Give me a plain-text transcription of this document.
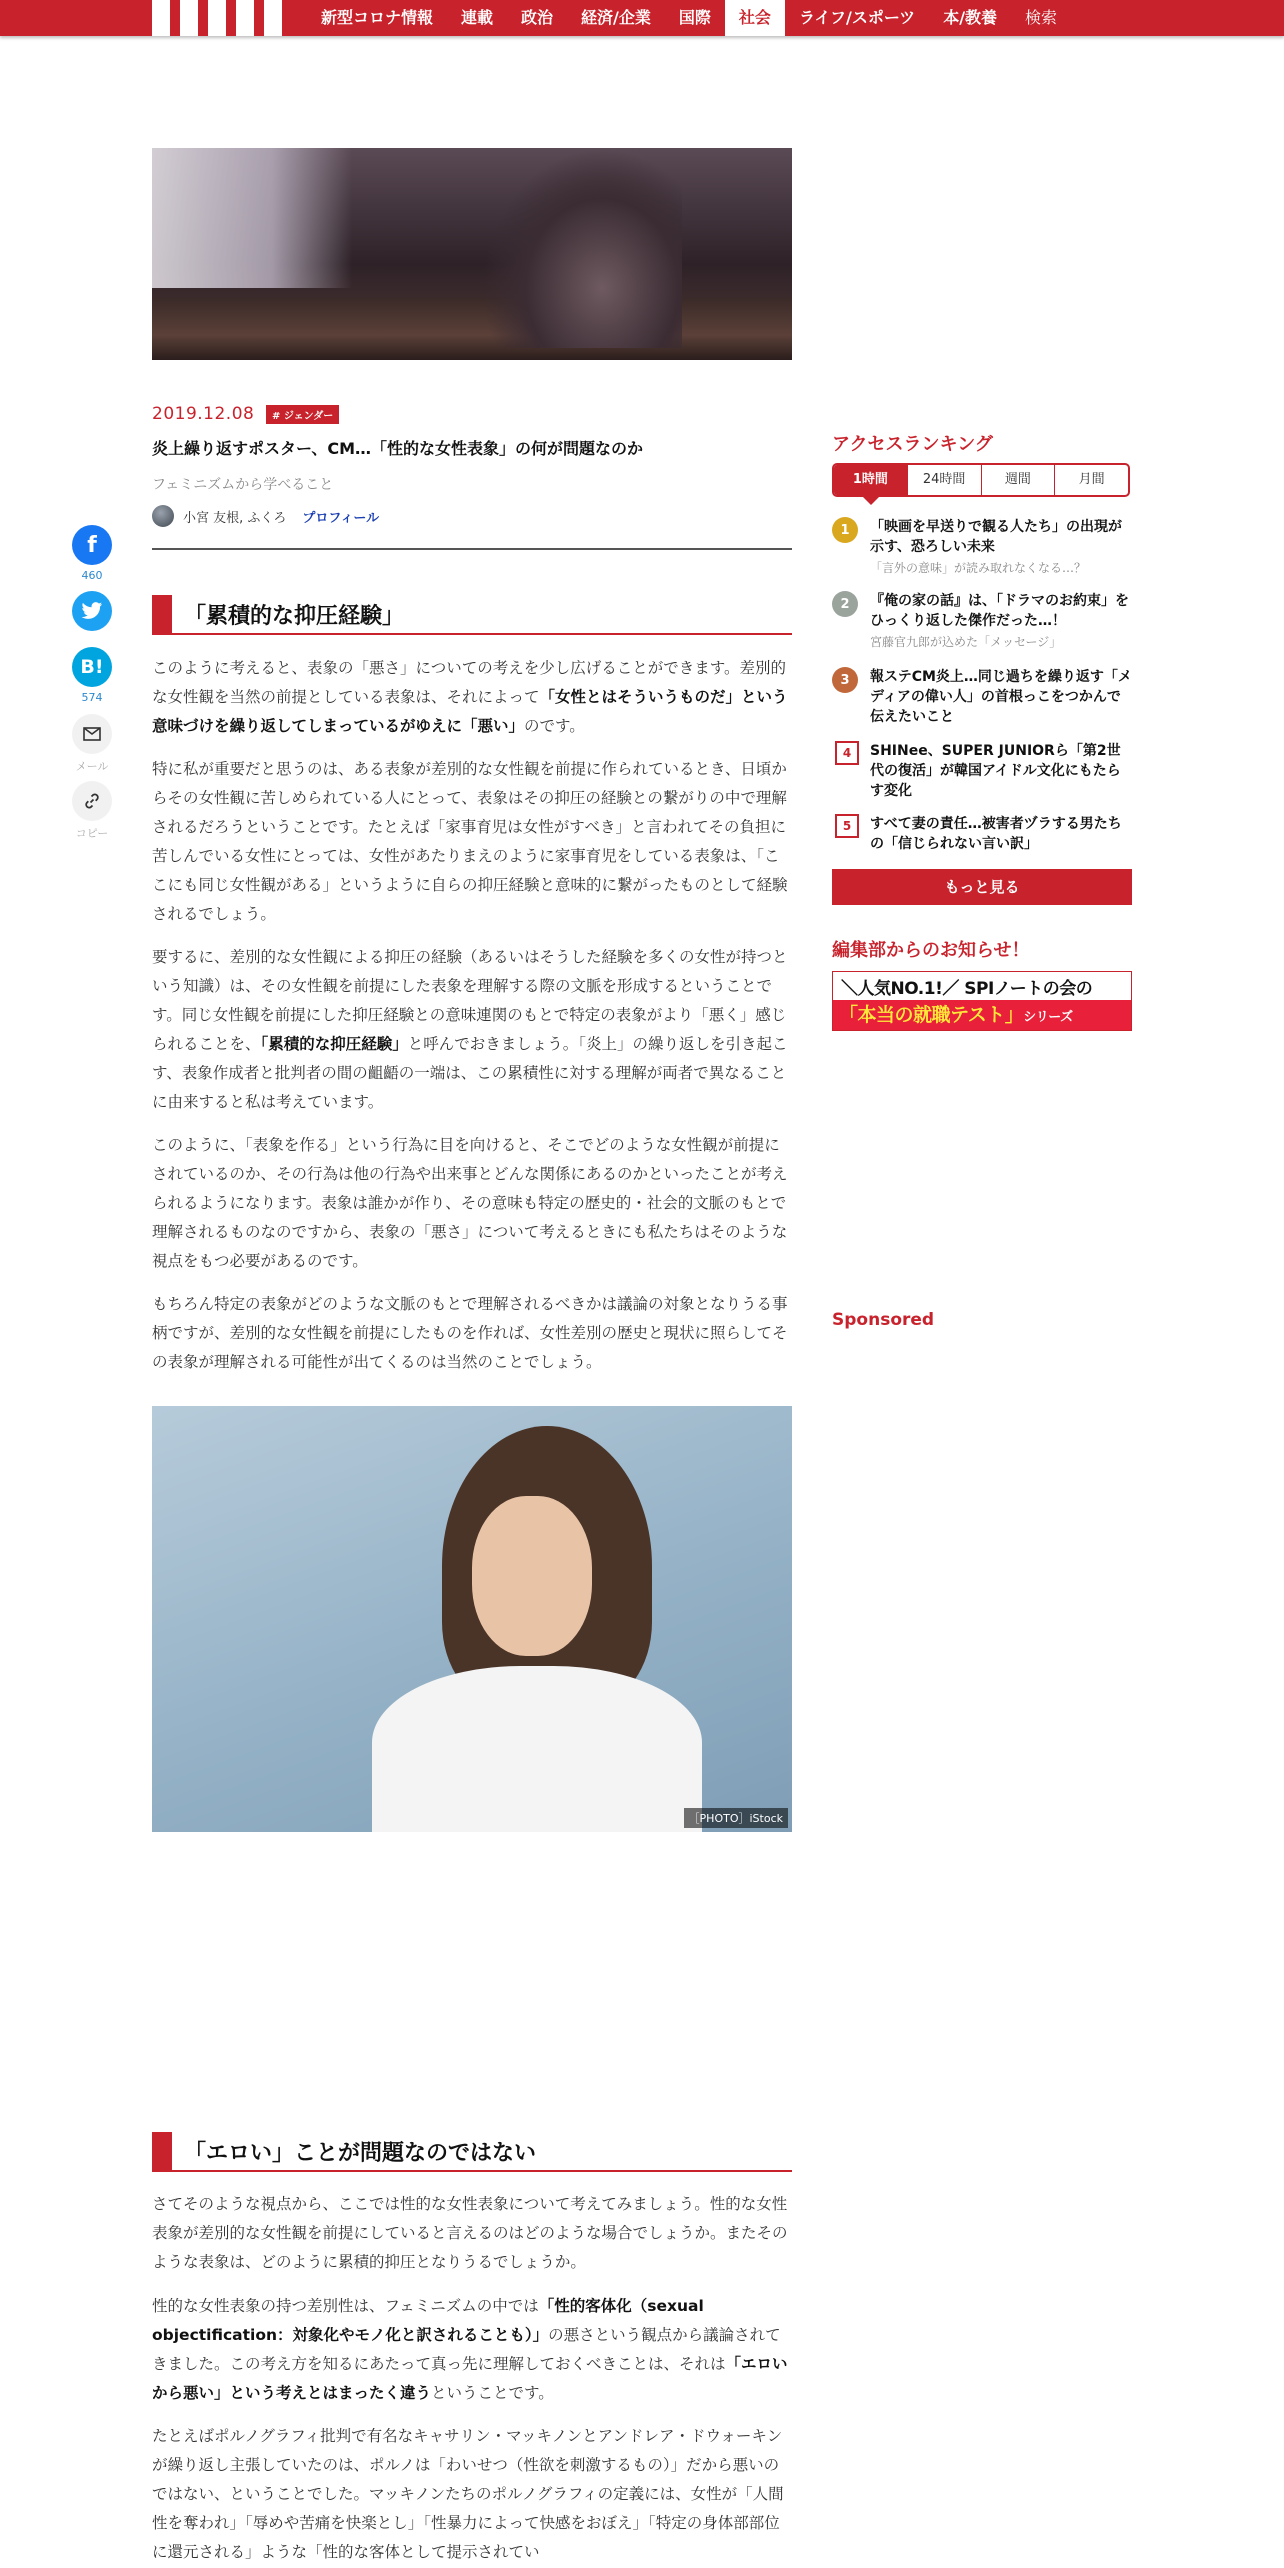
新型コロナ情報	連載	政治	経済/企業	国際	社会	ライフ/スポーツ	本/教養	検索
2019.12.08	# ジェンダー
炎上繰り返すポスター、CM…「性的な女性表象」の何が問題なのか
フェミニズムから学べること
小宮 友根, ふくろ プロフィール
f
460
B!
574
メール
コピー
「累積的な抑圧経験」

このように考えると、表象の「悪さ」についての考えを少し広げることができます。差別的な女性観を当然の前提としている表象は、それによって「女性とはそういうものだ」という意味づけを繰り返してしまっているがゆえに「悪い」のです。

特に私が重要だと思うのは、ある表象が差別的な女性観を前提に作られているとき、日頃からその女性観に苦しめられている人にとって、表象はその抑圧の経験との繋がりの中で理解されるだろうということです。たとえば「家事育児は女性がすべき」と言われてその負担に苦しんでいる女性にとっては、女性があたりまえのように家事育児をしている表象は、「ここにも同じ女性観がある」というように自らの抑圧経験と意味的に繋がったものとして経験されるでしょう。

要するに、差別的な女性観による抑圧の経験（あるいはそうした経験を多くの女性が持つという知識）は、その女性観を前提にした表象を理解する際の文脈を形成するということです。同じ女性観を前提にした抑圧経験との意味連関のもとで特定の表象がより「悪く」感じられることを、「累積的な抑圧経験」と呼んでおきましょう。「炎上」の繰り返しを引き起こす、表象作成者と批判者の間の齟齬の一端は、この累積性に対する理解が両者で異なることに由来すると私は考えています。

このように、「表象を作る」という行為に目を向けると、そこでどのような女性観が前提にされているのか、その行為は他の行為や出来事とどんな関係にあるのかといったことが考えられるようになります。表象は誰かが作り、その意味も特定の歴史的・社会的文脈のもとで理解されるものなのですから、表象の「悪さ」について考えるときにも私たちはそのような視点をもつ必要があるのです。

もちろん特定の表象がどのような文脈のもとで理解されるべきかは議論の対象となりうる事柄ですが、差別的な女性観を前提にしたものを作れば、女性差別の歴史と現状に照らしてその表象が理解される可能性が出てくるのは当然のことでしょう。

［PHOTO］iStock
「エロい」ことが問題なのではない

さてそのような視点から、ここでは性的な女性表象について考えてみましょう。性的な女性表象が差別的な女性観を前提にしていると言えるのはどのような場合でしょうか。またそのような表象は、どのように累積的抑圧となりうるでしょうか。

性的な女性表象の持つ差別性は、フェミニズムの中では「性的客体化（sexual objectification：対象化やモノ化と訳されることも）」の悪さという観点から議論されてきました。この考え方を知るにあたって真っ先に理解しておくべきことは、それは「エロいから悪い」という考えとはまったく違うということです。

たとえばポルノグラフィ批判で有名なキャサリン・マッキノンとアンドレア・ドウォーキンが繰り返し主張していたのは、ポルノは「わいせつ（性欲を刺激するもの）」だから悪いのではない、ということでした。マッキノンたちのポルノグラフィの定義には、女性が「人間性を奪われ」「辱めや苦痛を快楽とし」「性暴力によって快感をおぼえ」「特定の身体部部位に還元される」ような「性的な客体として提示されてい

アクセスランキング
1時間	24時間	週間	月間
1	「映画を早送りで観る人たち」の出現が示す、恐ろしい未来
「言外の意味」が読み取れなくなる…？
2	『俺の家の話』は、「ドラマのお約束」をひっくり返した傑作だった…！
宮藤官九郎が込めた「メッセージ」
3	報ステCM炎上…同じ過ちを繰り返す「メディアの偉い人」の首根っこをつかんで伝えたいこと
4	SHINee、SUPER JUNIORら「第2世代の復活」が韓国アイドル文化にもたらす変化
5	すべて妻の責任…被害者ヅラする男たちの「信じられない言い訳」
もっと見る
編集部からのお知らせ！
＼人気NO.1!／ SPIノートの会の
「本当の就職テスト」シリーズ
Sponsored
